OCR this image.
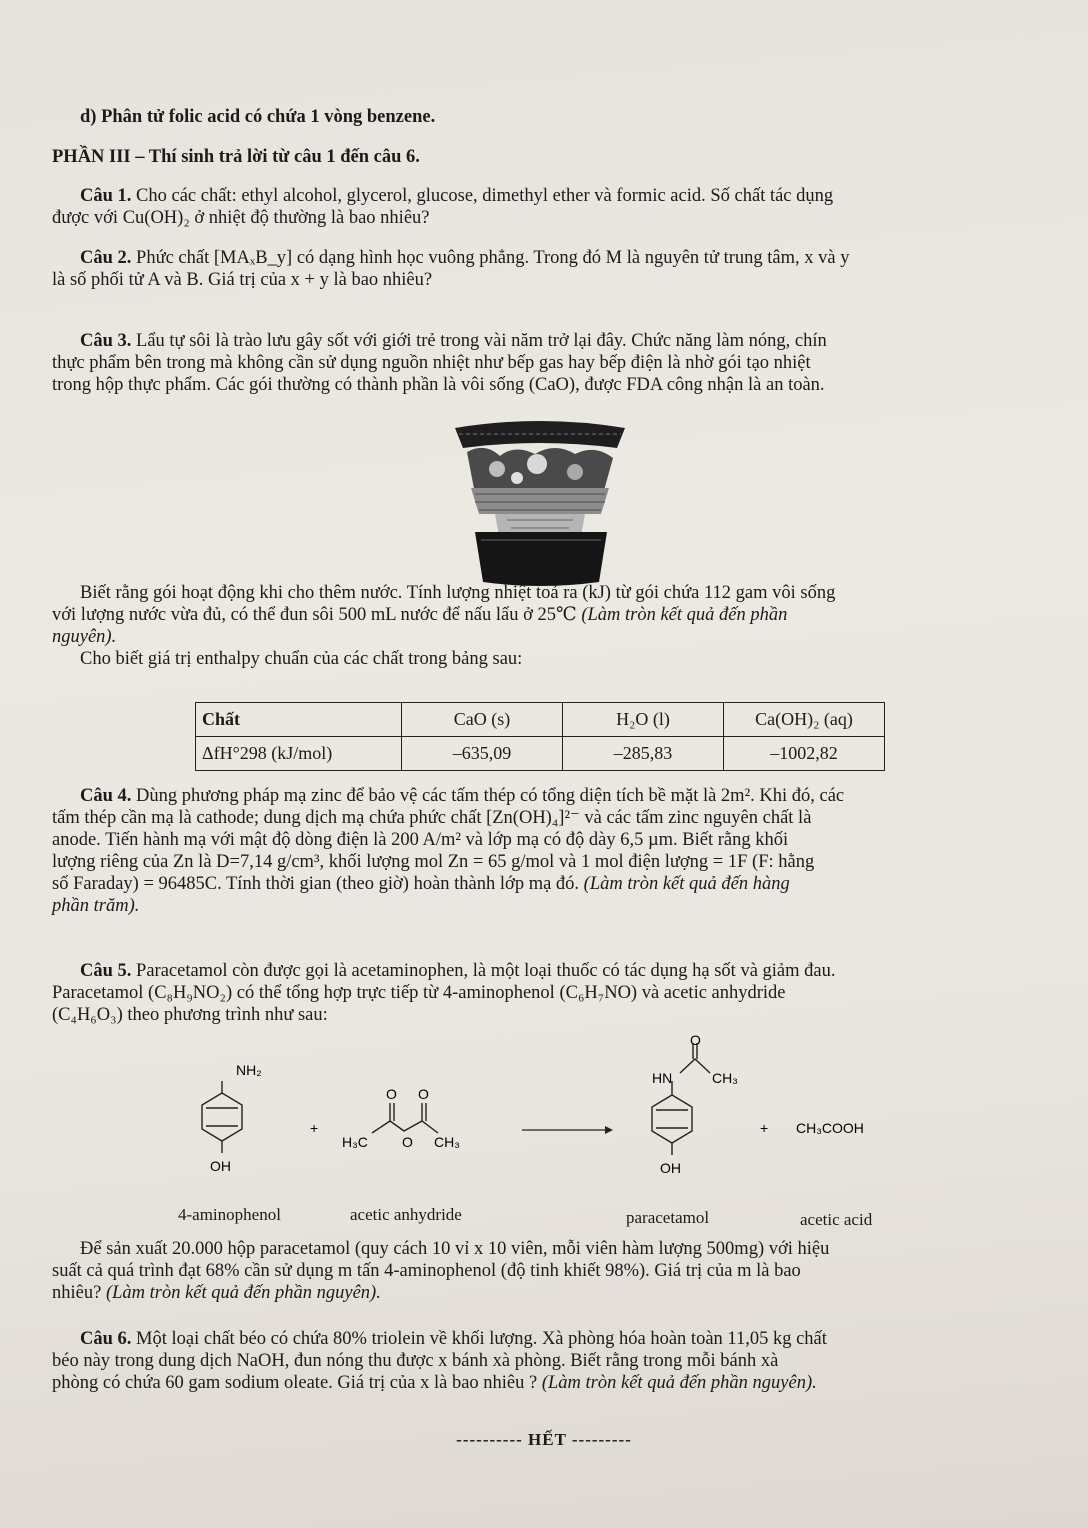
d) Phân tử folic acid có chứa 1 vòng benzene.

PHẦN III – Thí sinh trả lời từ câu 1 đến câu 6.

Câu 1. Cho các chất: ethyl alcohol, glycerol, glucose, dimethyl ether và formic acid. Số chất tác dụng

được với Cu(OH)₂ ở nhiệt độ thường là bao nhiêu?

Câu 2. Phức chất [MAₓB_y] có dạng hình học vuông phẳng. Trong đó M là nguyên tử trung tâm, x và y

là số phối tử A và B. Giá trị của x + y là bao nhiêu?

Câu 3. Lẩu tự sôi là trào lưu gây sốt với giới trẻ trong vài năm trở lại đây. Chức năng làm nóng, chín

thực phẩm bên trong mà không cần sử dụng nguồn nhiệt như bếp gas hay bếp điện là nhờ gói tạo nhiệt

trong hộp thực phẩm. Các gói thường có thành phần là vôi sống (CaO), được FDA công nhận là an toàn.

Biết rằng gói hoạt động khi cho thêm nước. Tính lượng nhiệt toả ra (kJ) từ gói chứa 112 gam vôi sống

với lượng nước vừa đủ, có thể đun sôi 500 mL nước để nấu lẩu ở 25℃ (Làm tròn kết quả đến phần

nguyên).

Cho biết giá trị enthalpy chuẩn của các chất trong bảng sau:

Chất	CaO (s)	H₂O (l)	Ca(OH)₂ (aq)
ΔfH°298 (kJ/mol)	–635,09	–285,83	–1002,82

Câu 4. Dùng phương pháp mạ zinc để bảo vệ các tấm thép có tổng diện tích bề mặt là 2m². Khi đó, các

tấm thép cần mạ là cathode; dung dịch mạ chứa phức chất [Zn(OH)₄]²⁻ và các tấm zinc nguyên chất là

anode. Tiến hành mạ với mật độ dòng điện là 200 A/m² và lớp mạ có độ dày 6,5 µm. Biết rằng khối

lượng riêng của Zn là D=7,14 g/cm³, khối lượng mol Zn = 65 g/mol và 1 mol điện lượng = 1F (F: hằng

số Faraday) = 96485C. Tính thời gian (theo giờ) hoàn thành lớp mạ đó. (Làm tròn kết quả đến hàng

phần trăm).

Câu 5. Paracetamol còn được gọi là acetaminophen, là một loại thuốc có tác dụng hạ sốt và giảm đau.

Paracetamol (C₈H₉NO₂) có thể tổng hợp trực tiếp từ 4-aminophenol (C₆H₇NO) và acetic anhydride

(C₄H₆O₃) theo phương trình như sau:

NH₂
OH
+
H₃C
O O
O CH₃
O
HN	CH₃
OH
+ CH₃COOH
4-aminophenol	acetic anhydride	paracetamol	acetic acid

Để sản xuất 20.000 hộp paracetamol (quy cách 10 vỉ x 10 viên, mỗi viên hàm lượng 500mg) với hiệu

suất cả quá trình đạt 68% cần sử dụng m tấn 4-aminophenol (độ tinh khiết 98%). Giá trị của m là bao

nhiêu? (Làm tròn kết quả đến phần nguyên).

Câu 6. Một loại chất béo có chứa 80% triolein về khối lượng. Xà phòng hóa hoàn toàn 11,05 kg chất

béo này trong dung dịch NaOH, đun nóng thu được x bánh xà phòng. Biết rằng trong mỗi bánh xà

phòng có chứa 60 gam sodium oleate. Giá trị của x là bao nhiêu ? (Làm tròn kết quả đến phần nguyên).

---------- HẾT ---------
